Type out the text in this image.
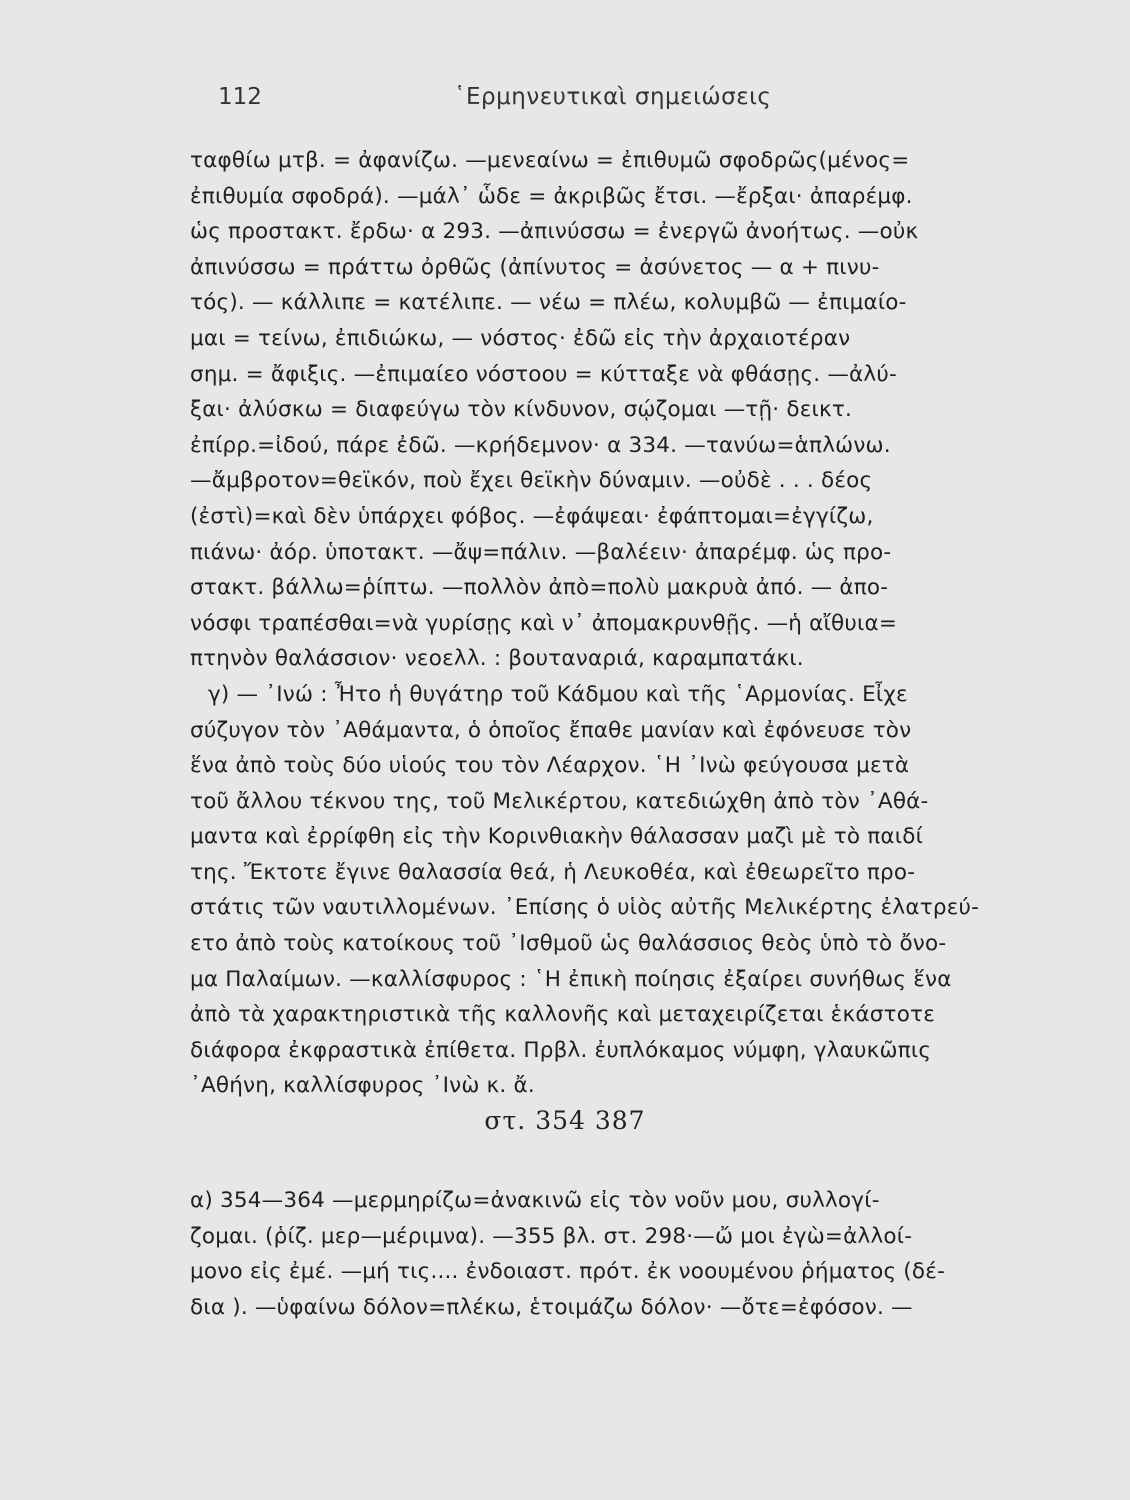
112	῾Ερμηνευτικαὶ σημειώσεις
ταφθίω μτβ. = ἀφανίζω. —μενεαίνω = ἐπιθυμῶ σφοδρῶς(μένος=
ἐπιθυμία σφοδρά). —μάλ᾽ ὧδε = ἀκριβῶς ἔτσι. —ἔρξαι· ἀπαρέμφ.
ὡς προστακτ. ἔρδω· α 293. —ἀπινύσσω = ἐνεργῶ ἀνοήτως. —οὐκ
ἀπινύσσω = πράττω ὀρθῶς (ἀπίνυτος = ἀσύνετος — α + πινυ-
τός). — κάλλιπε = κατέλιπε. — νέω = πλέω, κολυμβῶ — ἐπιμαίο-
μαι = τείνω, ἐπιδιώκω, — νόστος· ἐδῶ εἰς τὴν ἀρχαιοτέραν
σημ. = ἄφιξις. —ἐπιμαίεο νόστοου = κύτταξε νὰ φθάσῃς. —ἀλύ-
ξαι· ἀλύσκω = διαφεύγω τὸν κίνδυνον, σῴζομαι —τῇ· δεικτ.
ἐπίρρ.=ἰδού, πάρε ἐδῶ. —κρήδεμνον· α 334. —τανύω=ἁπλώνω.
—ἄμβροτον=θεϊκόν, ποὺ ἔχει θεϊκὴν δύναμιν. —οὐδὲ . . . δέος
(ἐστὶ)=καὶ δὲν ὑπάρχει φόβος. —ἐφάψεαι· ἐφάπτομαι=ἐγγίζω,
πιάνω· ἀόρ. ὑποτακτ. —ἄψ=πάλιν. —βαλέειν· ἀπαρέμφ. ὡς προ-
στακτ. βάλλω=ῥίπτω. —πολλὸν ἀπὸ=πολὺ μακρυὰ ἀπό. — ἀπο-
νόσφι τραπέσθαι=νὰ γυρίσῃς καὶ ν᾽ ἀπομακρυνθῇς. —ἡ αἴθυια=
πτηνὸν θαλάσσιον· νεοελλ. : βουταναριά, καραμπατάκι.
γ) — ᾿Ινώ : Ἦτο ἡ θυγάτηρ τοῦ Κάδμου καὶ τῆς ῾Αρμονίας. Εἶχε
σύζυγον τὸν ᾿Αθάμαντα, ὁ ὁποῖος ἔπαθε μανίαν καὶ ἐφόνευσε τὸν
ἕνα ἀπὸ τοὺς δύο υἱούς του τὸν Λέαρχον. ῾Η ᾿Ινὼ φεύγουσα μετὰ
τοῦ ἄλλου τέκνου της, τοῦ Μελικέρτου, κατεδιώχθη ἀπὸ τὸν ᾿Αθά-
μαντα καὶ ἐρρίφθη εἰς τὴν Κορινθιακὴν θάλασσαν μαζὶ μὲ τὸ παιδί
της. Ἔκτοτε ἔγινε θαλασσία θεά, ἡ Λευκοθέα, καὶ ἐθεωρεῖτο προ-
στάτις τῶν ναυτιλλομένων. ᾿Επίσης ὁ υἱὸς αὐτῆς Μελικέρτης ἐλατρεύ-
ετο ἀπὸ τοὺς κατοίκους τοῦ ᾿Ισθμοῦ ὡς θαλάσσιος θεὸς ὑπὸ τὸ ὄνο-
μα Παλαίμων. —καλλίσφυρος : ῾Η ἐπικὴ ποίησις ἐξαίρει συνήθως ἕνα
ἀπὸ τὰ χαρακτηριστικὰ τῆς καλλονῆς καὶ μεταχειρίζεται ἑκάστοτε
διάφορα ἐκφραστικὰ ἐπίθετα. Πρβλ. ἐυπλόκαμος νύμφη, γλαυκῶπις
᾿Αθήνη, καλλίσφυρος ᾿Ινὼ κ. ἄ.
στ. 354 387
α) 354—364 —μερμηρίζω=ἀνακινῶ εἰς τὸν νοῦν μου, συλλογί-
ζομαι. (ῥίζ. μερ—μέριμνα). —355 βλ. στ. 298·—ὤ μοι ἐγὼ=ἀλλοί-
μονο εἰς ἐμέ. —μή τις.... ἐνδοιαστ. πρότ. ἐκ νοουμένου ῥήματος (δέ-
δια ). —ὑφαίνω δόλον=πλέκω, ἑτοιμάζω δόλον· —ὄτε=ἐφόσον. —
